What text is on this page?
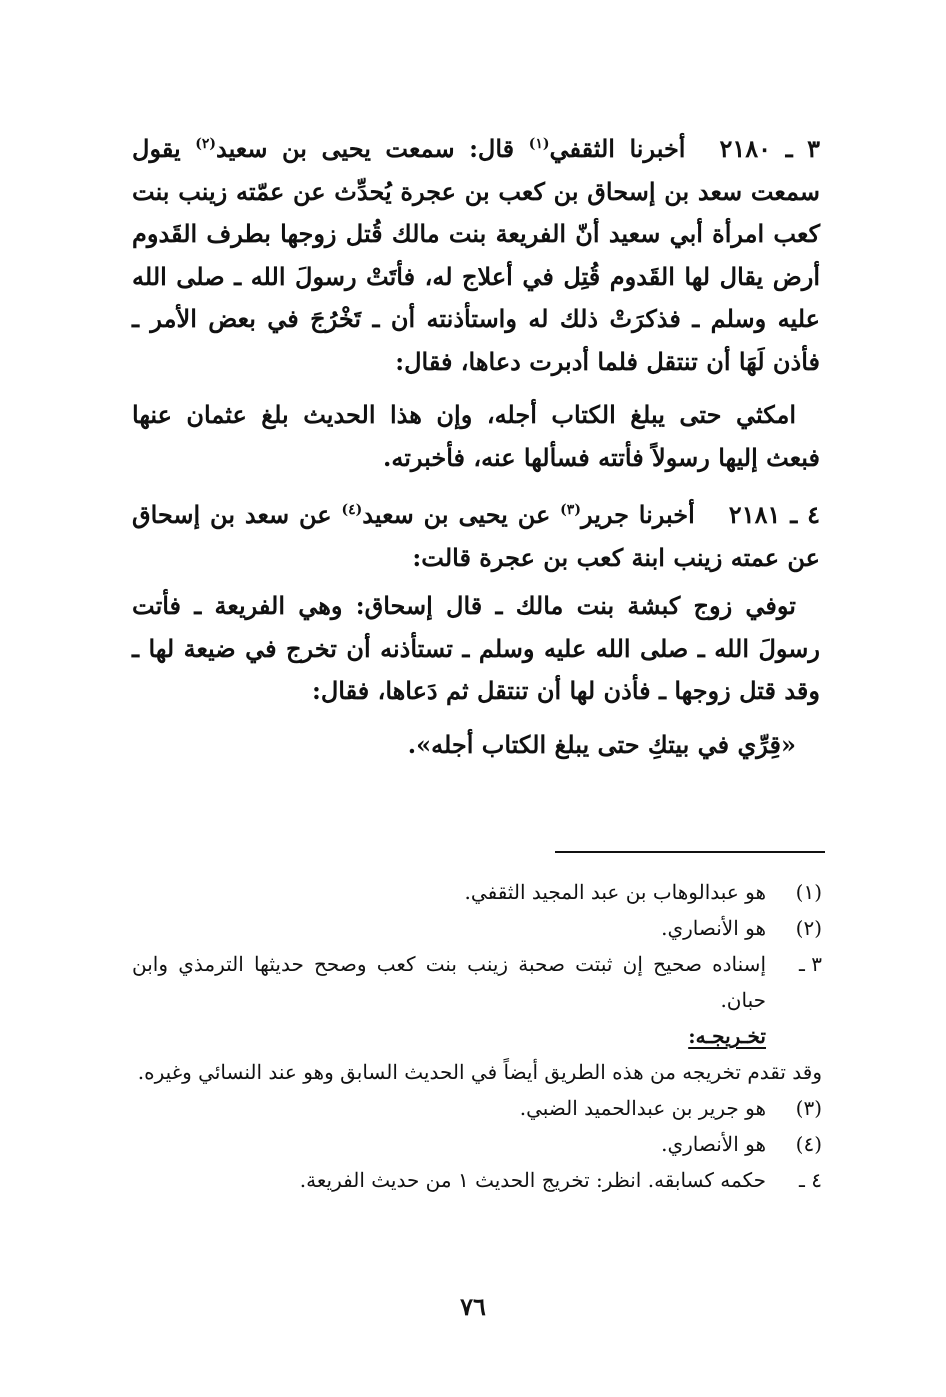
٣ ـ ٢١٨٠أخبرنا الثقفي$^{(١)}$ قال: سمعت يحيى بن سعيد$^{(٢)}$ يقول سمعت سعد بن إسحاق بن كعب بن عجرة يُحدِّث عن عمّته زينب بنت كعب امرأة أبي سعيد أنّ الفريعة بنت مالك قُتل زوجها بطرف القَدوم أرض يقال لها القَدوم قُتِل في أعلاج له، فأتَتْ رسولَ الله ـ صلى الله عليه وسلم ـ فذكرَتْ ذلك له واستأذنته أن ـ تَخْرُجَ في بعض الأمر ـ فأذن لَهَا أن تنتقل فلما أدبرت دعاها، فقال:
امكثي حتى يبلغ الكتاب أجله، وإن هذا الحديث بلغ عثمان عنها فبعث إليها رسولاً فأتته فسألها عنه، فأخبرته.
٤ ـ ٢١٨١أخبرنا جرير$^{(٣)}$ عن يحيى بن سعيد$^{(٤)}$ عن سعد بن إسحاق عن عمته زينب ابنة كعب بن عجرة قالت:
توفي زوج كبشة بنت مالك ـ قال إسحاق: وهي الفريعة ـ فأتت رسولَ الله ـ صلى الله عليه وسلم ـ تستأذنه أن تخرج في ضيعة لها ـ وقد قتل زوجها ـ فأذن لها أن تنتقل ثم دَعاها، فقال:
«قِرِّي في بيتكِ حتى يبلغ الكتاب أجله».
(١)
هو عبدالوهاب بن عبد المجيد الثقفي.
(٢)
هو الأنصاري.
٣ ـ
إسناده صحيح إن ثبتت صحبة زينب بنت كعب وصحح حديثها الترمذي وابن حبان.
تخـريجـه:
وقد تقدم تخريجه من هذه الطريق أيضاً في الحديث السابق وهو عند النسائي وغيره.
(٣)
هو جرير بن عبدالحميد الضبي.
(٤)
هو الأنصاري.
٤ ـ
حكمه كسابقه. انظر: تخريج الحديث ١ من حديث الفريعة.
٧٦
